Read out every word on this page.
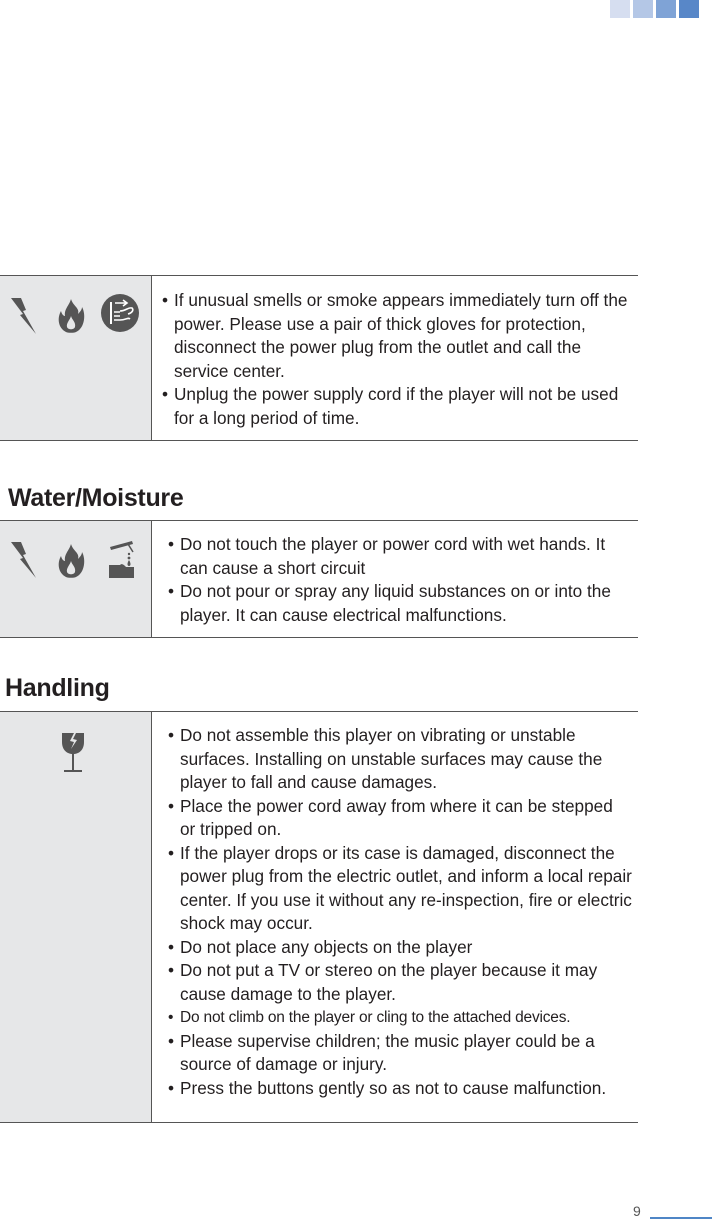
• If unusual smells or smoke appears immediately turn off the power. Please use a pair of thick gloves for protection, disconnect the power plug from the outlet and call the service center.
• Unplug the power supply cord if the player will not be used for a long period of time.
Water/Moisture
• Do not touch the player or power cord with wet hands. It can cause a short circuit
• Do not pour or spray any liquid substances on or into the player. It can cause electrical malfunctions.
Handling
• Do not assemble this player on vibrating or unstable surfaces. Installing on unstable surfaces may cause the player to fall and cause damages.
• Place the power cord away from where it can be stepped or tripped on.
• If the player drops or its case is damaged, disconnect the power plug from the electric outlet, and inform a local repair center. If you use it without any re-inspection, fire or electric shock may occur.
• Do not place any objects on the player
• Do not put a TV or stereo on the player because it may cause damage to the player.
• Do not climb on the player or cling to the attached devices.
• Please supervise children; the music player could be a source of damage or injury.
• Press the buttons gently so as not to cause malfunction.
9
